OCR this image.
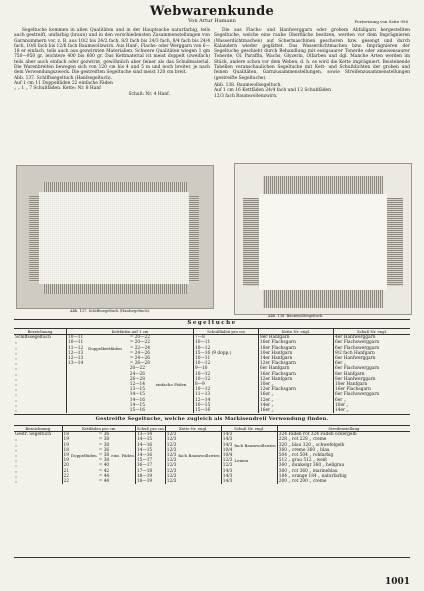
Webwarenkunde
Von Artur Hamann	Fortsetzung von Seite 956

Segeltuche kommen in allen Qualitäten und in der Hauptsache naturfarbig, teils auch gestreift, unifarbig (braun) und in den verschiedensten Zusammenstellungen von Garnnummern vor, z. B. aus 10/2 bis 24/2 fach, 8/3 fach bis 24/3 fach, 8/4 fach bis 24/4 fach, 10/6 fach bis 12/6 fach Baumwollzwirn. Aus Hanf-, Flachs- oder Werggarn von 6—18 er einfach, teils auch aus gezwirnten Materialien. Schwere Qualitäten wiegen 1 qm 750—950 gr, leichtere 400 bis 600 gr. Das Kettmaterial ist meist doppelt (zweifach) teils aber auch einfach oder gezwirnt, gewöhnlich aber feiner als das Schußmaterial. Die Warenbreiten bewegen sich von 120 cm bis 4 und 5 m und noch breiter, je nach dem Verwendungszweck. Die gestreiften Segeltuche sind meist 120 cm breit.

Abb. 137. Schiffssegeltuch (Hanfsegeltuch).

Auf 1 cm 11 Doppelfäden 22 einfache Fäden

„ „ 1 „ 7 Schußfäden. Kette: Nr. 8 Hanf

Schuß: Nr. 4 Hanf.

Die aus Flachs- und Hanfwerggarn oder grobem Abfallgarn hergestellten Segeltuche, welche eine rauhe Oberfläche besitzen, werden vor dem Imprägnieren (Wasserdichtmachen) auf Schermaschinen geschoren bzw. gesengt und durch Kalandern wieder geglättet. Das Wasserdichtmachen bzw. Imprägnieren der Segeltuche geschieht durch Behandlung mit essigsaurer Tonerde oder ameisensaurer Tonerde, Öl, Paraffin, Wachs, Glyzerin, Ölfarben und dgl. Manche Arten werden im Stück, andere schon vor dem Weben, d. h. es wird die Kette imprägniert. Beistehende Tabellen veranschaulichen Segeltuche mit Kett- und Schußdichten der groben und feinen Qualitäten, Garnzusammenstellungen, sowie Streifenzusammenstellungen (gestreifte Segeltuche).

Abb. 138. Baumwollsegeltuch.

Auf 1 cm 16 Kettfäden 24/4 fach und 12 Schußfäden

12/3 fach Baumwollenzwirn.

Abb. 137. Schiffssegeltuch (Hanfsegeltuch).
Abb. 138. Baumwollsegeltuch.
Segeltuche
Bezeichnung	Kettfäden auf 1 cm				Schußfäden pro cm	Kette Nr. engl.	Schuß Nr. engl.
Schiffssegeltuch	10—11		= 20—22		7—8	8er Hanfgarn	4er Hanfwerggarn
„	10—11		= 20—22		10—11	16er Flachsgarn	6er Flachswerggarn
„	11—12	Doppelkettfäden	= 22—24		10—12	18er Flachsgarn	6er Flachswerggarn
„	12—13		= 24—26		15—16 (9 dopp.)	10er Hanfgarn	9/2 fach Hanfgarn
„	12—13		= 24—26		10—11	14er Hanfgarn	6er Hanfwerggarn
„	13—14		= 26—28		10—12	12er Flachsgarn	6er „
„			20—22		9—10	6er Hanfgarn	6er Flachswerggarn
„			24—26		10—12	16er Flachsgarn	8er Hanfgarn
„			26—28		10—12	12er Hanfgarn	8er Hanfwerggarn
„			12—14	einfache Fäden	8—9	10er „	10er Hanfgarn
„			13—15		10—12	12er Flachsgarn	16er Flachsgarn
„			14—15		11—13	16er „	6er Flachswerggarn
„			14—16		12—14	12er „	6er „
„			14—15		10—15	14er „	10er „
„			15—16		15—16	16er „	14er „
Gestreifte Segeltuche, welche zugleich als Markisendrell Verwendung finden.
Bezeichnung	Kettfäden pro cm				Schuß pro cm	Kette Nr. engl.		Schuß Nr. engl.		Streifenstellung
Gestr. Segeltuch	18		= 36		13—14	12/3		14/3		324 Fäden rot 324 Fäden ockergelb
„	19		= 38		14—15	12/3		14/3		228 „ rot 228 „ creme
„	19		= 38		14—16	12/3		14/3	fach Baumwollzwirn	320 „ blau 320 „ schwefelgelb
„	18		= 36		14—15	12/3		10/4		360 „ creme 360 „ blau
„	19	Doppelfäden	= 38	eint. Fäden	14—16	12/3	fach Baumwollzwirn	10/4		504 „ rot 504 „ rohfarbig
„	19		= 38		15—17	12/3		12/3	Leinen	512 „ grau 512 „ weiß
„	20		= 40		16—17	12/3		12/3		360 „ dunkelgr 360 „ hellgrau
„	21		= 42		17—18	12/3		14/3		360 „ rot 360 „ marineblau
„	22		= 44		18—19	12/3		14/3		184 „ orange 184 „ naturfarbig
„	22		= 44		18—19	12/3		14/3		200 „ rot 200 „ creme
1001
